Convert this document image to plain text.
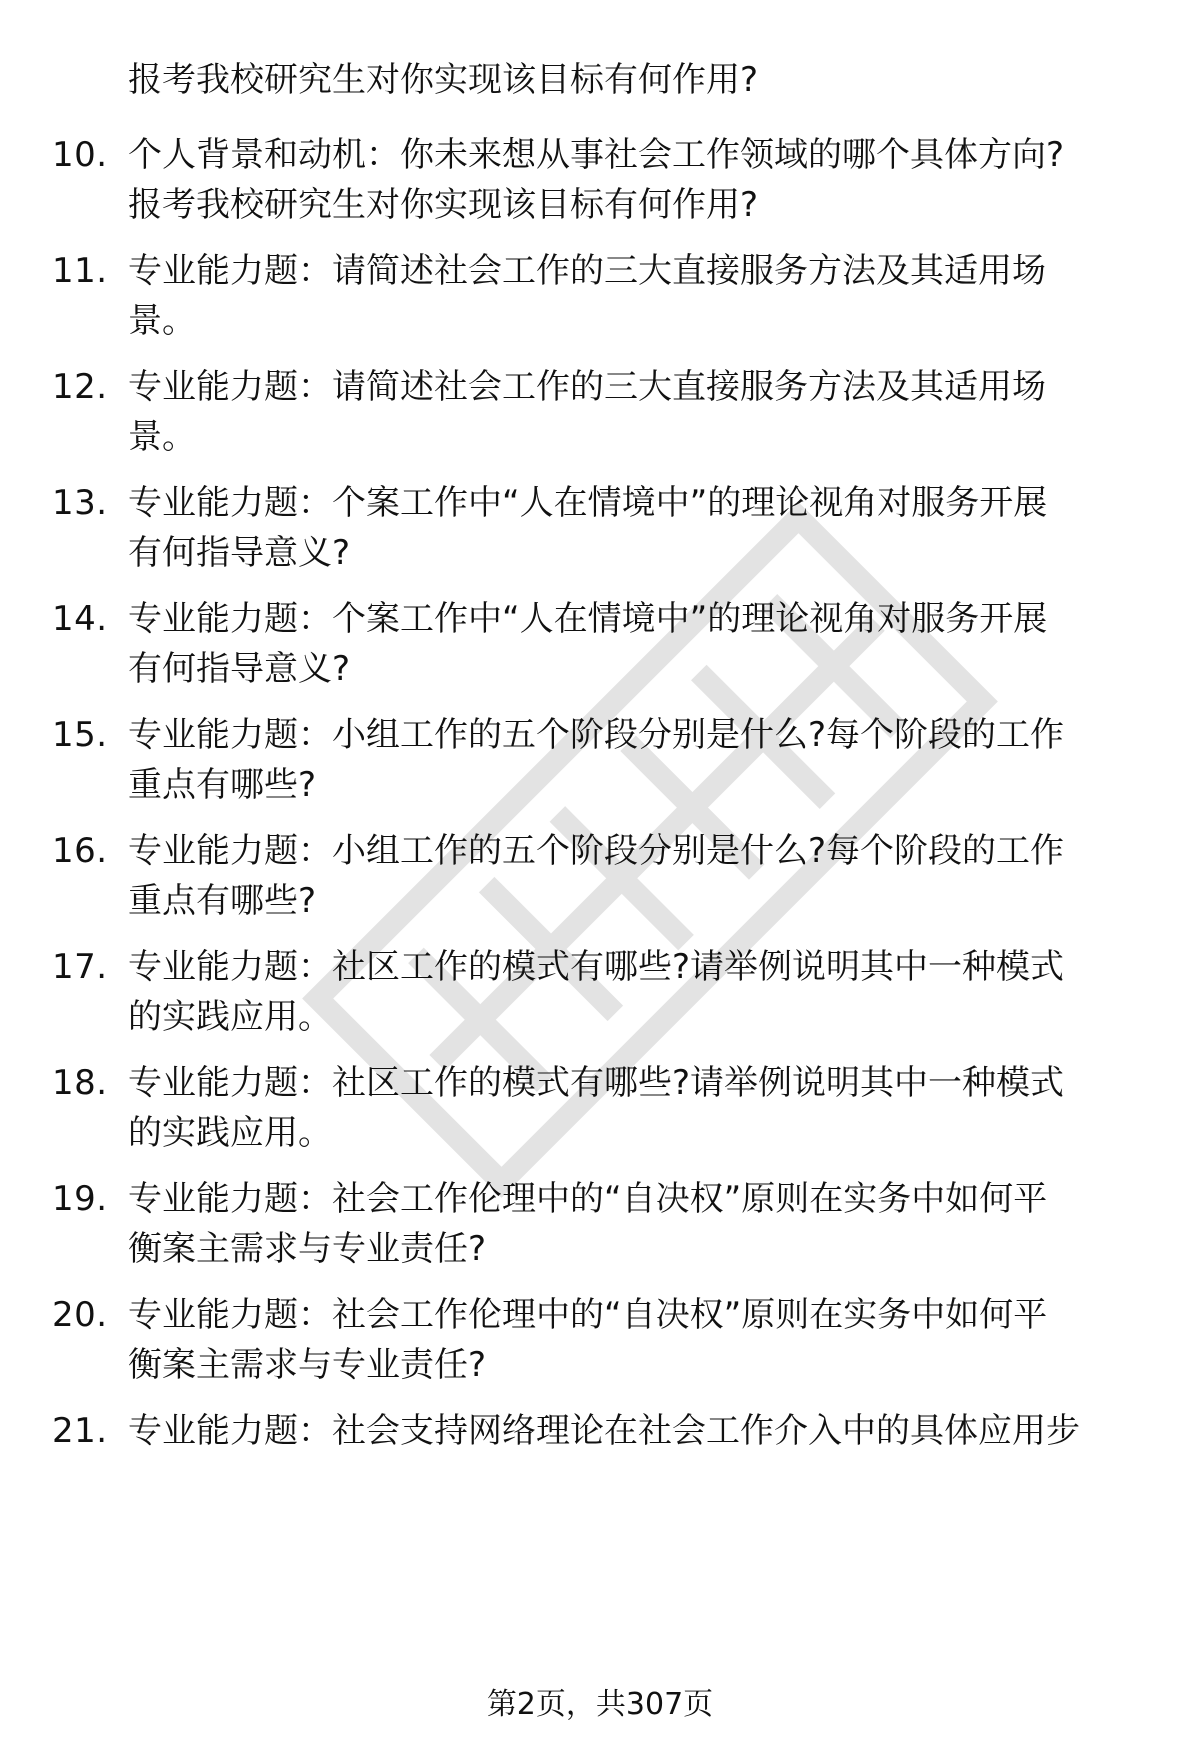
报考我校研究生对你实现该目标有何作用?
10. 个人背景和动机：你未来想从事社会工作领域的哪个具体方向?
报考我校研究生对你实现该目标有何作用?
11. 专业能力题：请简述社会工作的三大直接服务方法及其适用场
景。
12. 专业能力题：请简述社会工作的三大直接服务方法及其适用场
景。
13. 专业能力题：个案工作中“人在情境中”的理论视角对服务开展
有何指导意义?
14. 专业能力题：个案工作中“人在情境中”的理论视角对服务开展
有何指导意义?
15. 专业能力题：小组工作的五个阶段分别是什么?每个阶段的工作
重点有哪些?
16. 专业能力题：小组工作的五个阶段分别是什么?每个阶段的工作
重点有哪些?
17. 专业能力题：社区工作的模式有哪些?请举例说明其中一种模式
的实践应用。
18. 专业能力题：社区工作的模式有哪些?请举例说明其中一种模式
的实践应用。
19. 专业能力题：社会工作伦理中的“自决权”原则在实务中如何平
衡案主需求与专业责任?
20. 专业能力题：社会工作伦理中的“自决权”原则在实务中如何平
衡案主需求与专业责任?
21. 专业能力题：社会支持网络理论在社会工作介入中的具体应用步
第2页，共307页
